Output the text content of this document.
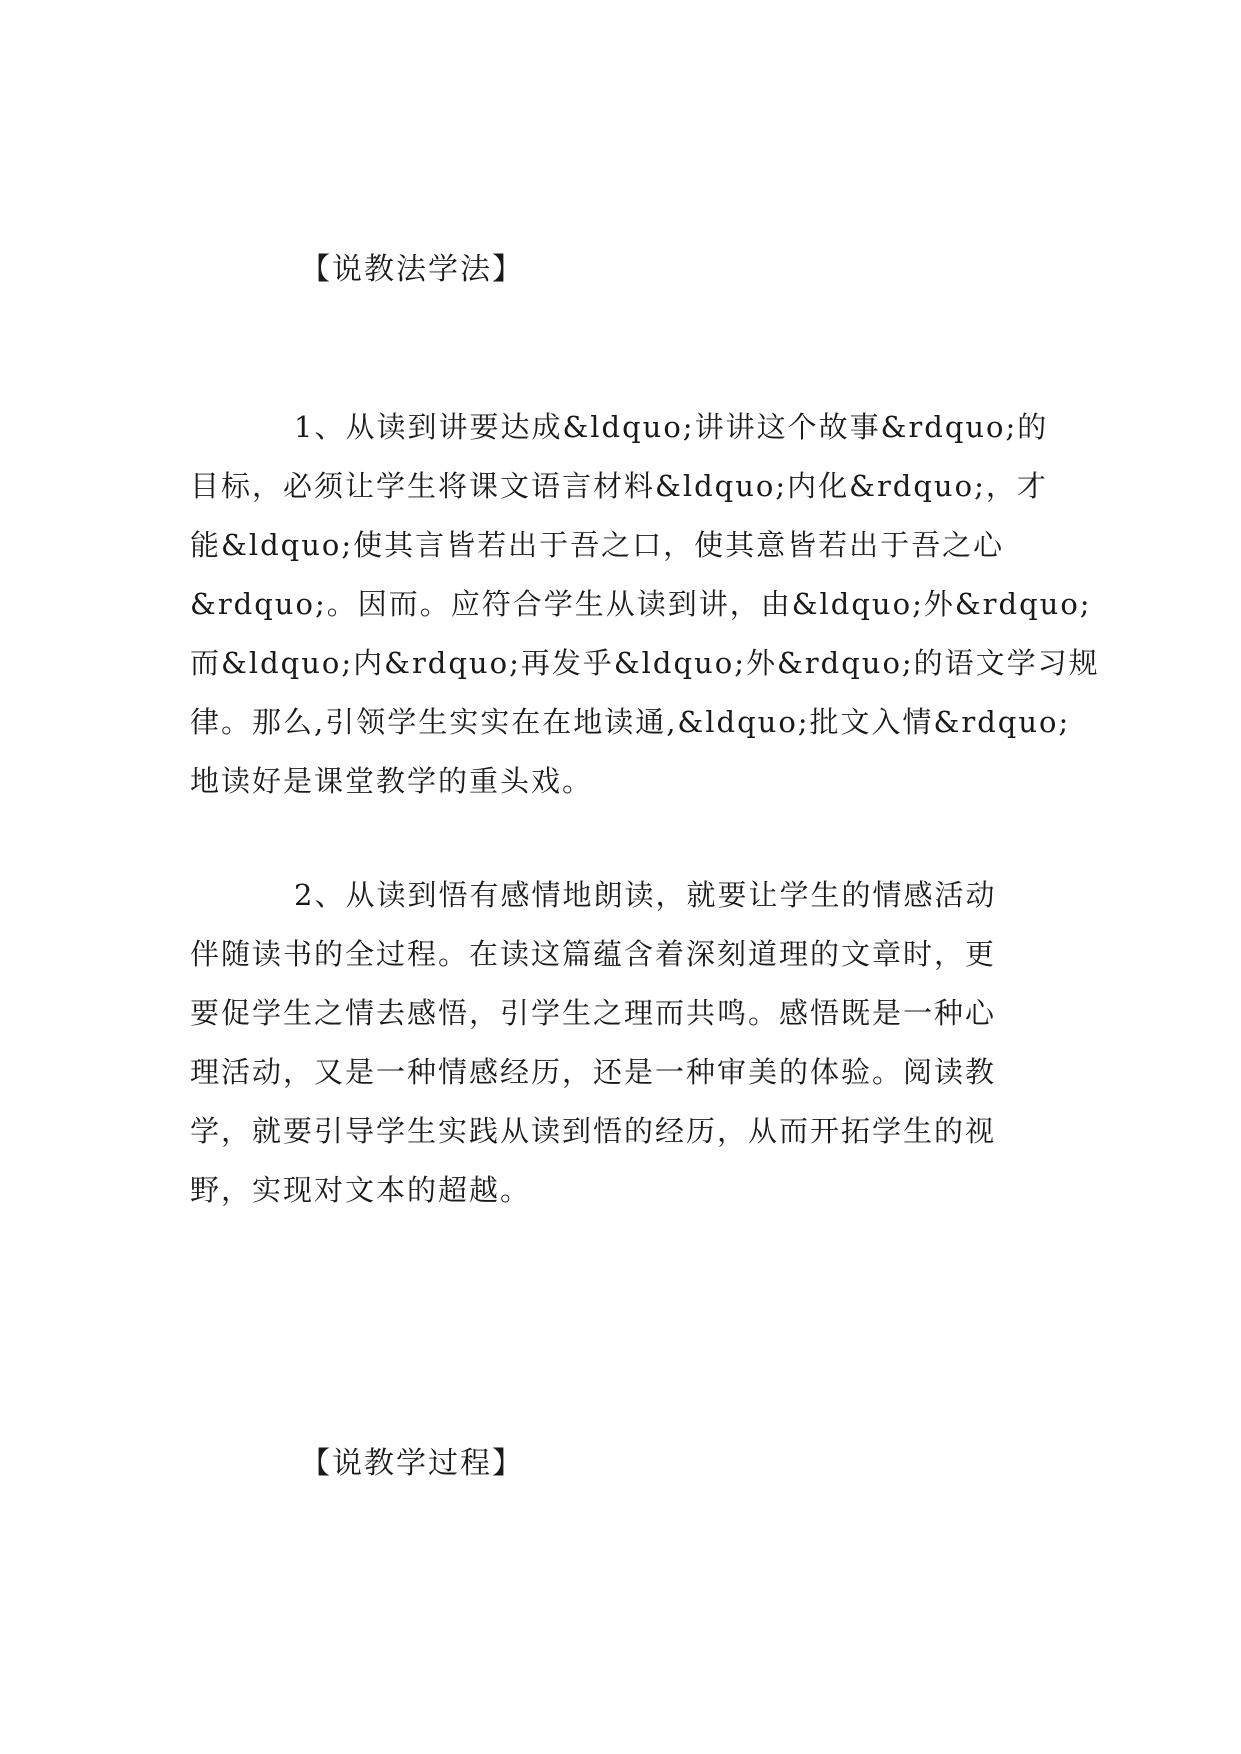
【说教法学法】
1、从读到讲要达成&ldquo;讲讲这个故事&rdquo;的
目标，必须让学生将课文语言材料&ldquo;内化&rdquo;，才
能&ldquo;使其言皆若出于吾之口，使其意皆若出于吾之心
&rdquo;。因而。应符合学生从读到讲，由&ldquo;外&rdquo;
而&ldquo;内&rdquo;再发乎&ldquo;外&rdquo;的语文学习规
律。那么,引领学生实实在在地读通,&ldquo;批文入情&rdquo;
地读好是课堂教学的重头戏。
2、从读到悟有感情地朗读，就要让学生的情感活动
伴随读书的全过程。在读这篇蕴含着深刻道理的文章时，更
要促学生之情去感悟，引学生之理而共鸣。感悟既是一种心
理活动，又是一种情感经历，还是一种审美的体验。阅读教
学，就要引导学生实践从读到悟的经历，从而开拓学生的视
野，实现对文本的超越。
【说教学过程】
